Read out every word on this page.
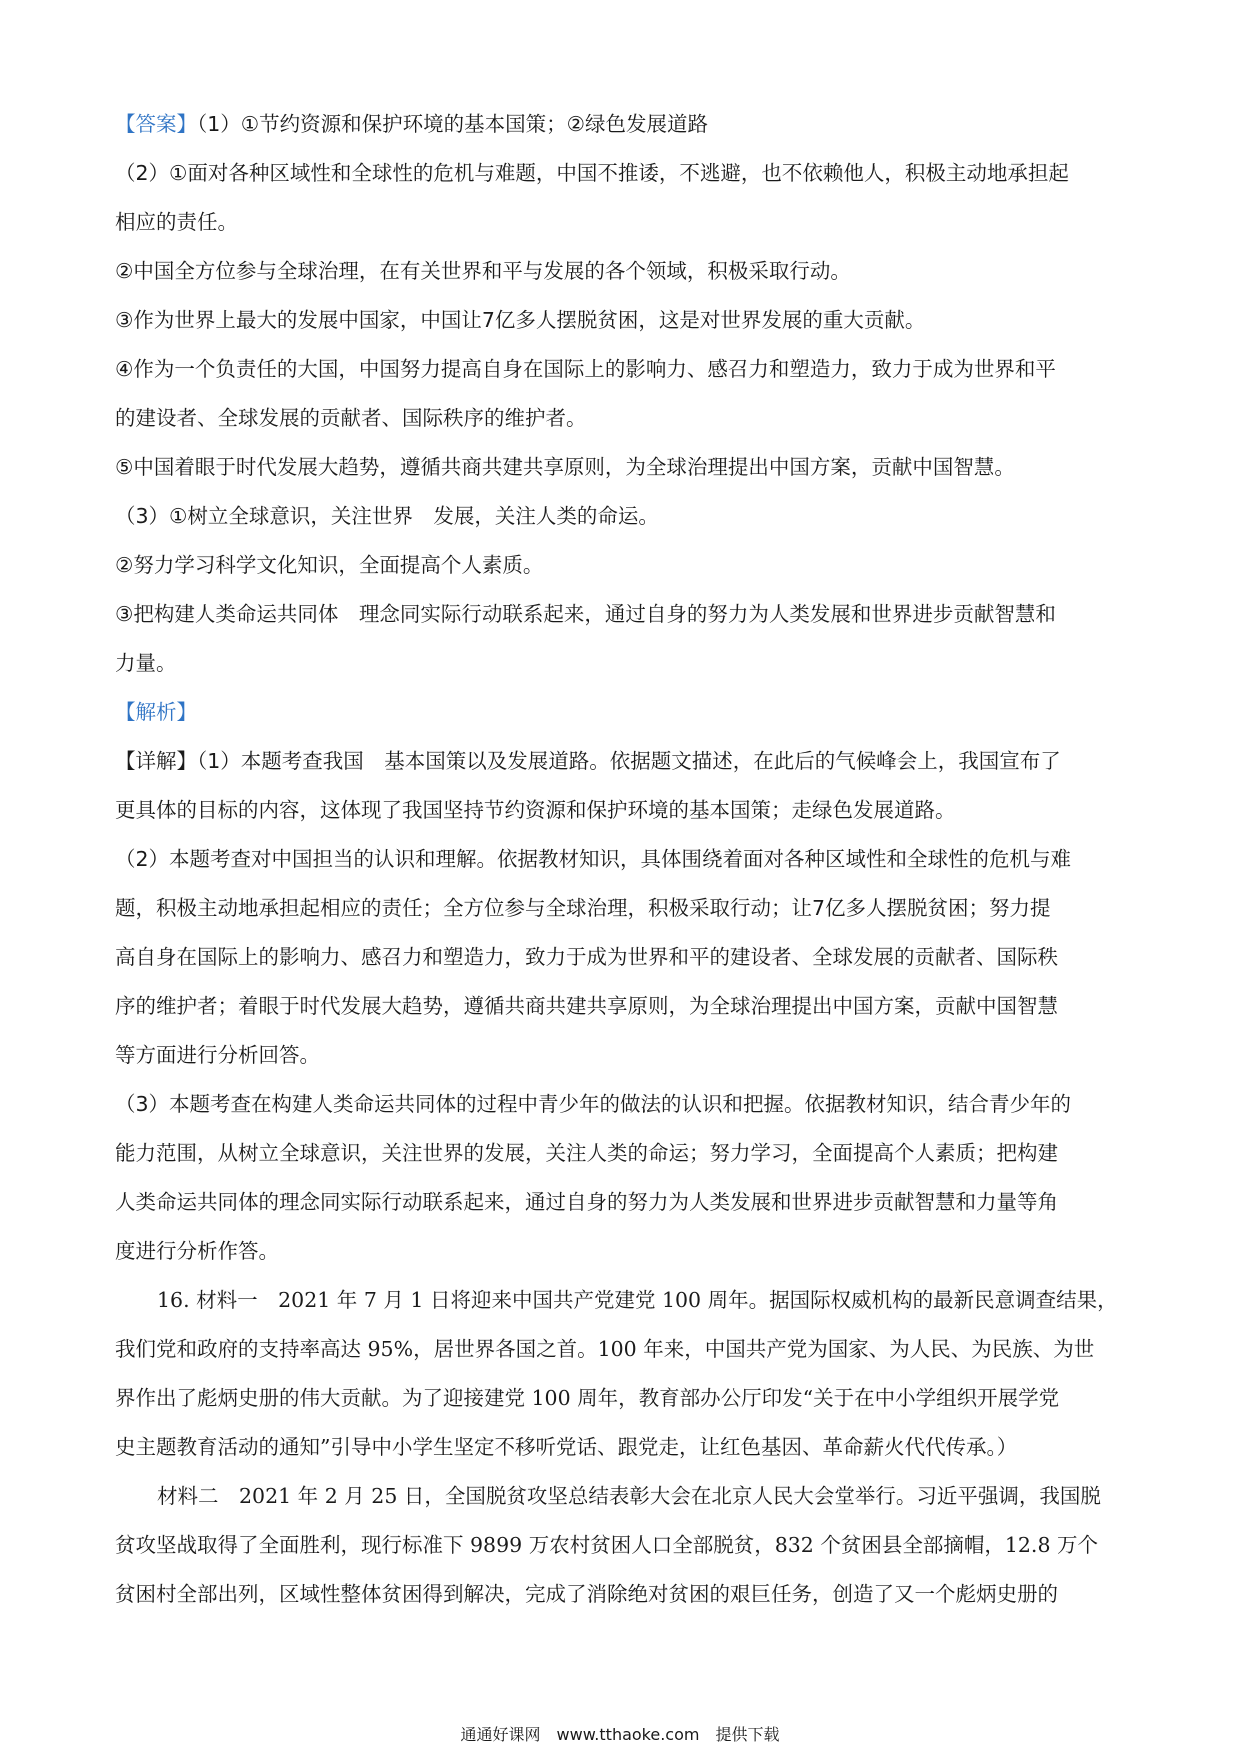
【答案】（1）①节约资源和保护环境的基本国策；②绿色发展道路

（2）①面对各种区域性和全球性的危机与难题，中国不推诿，不逃避，也不依赖他人，积极主动地承担起

相应的责任。

②中国全方位参与全球治理，在有关世界和平与发展的各个领域，积极采取行动。

③作为世界上最大的发展中国家，中国让7亿多人摆脱贫困，这是对世界发展的重大贡献。

④作为一个负责任的大国，中国努力提高自身在国际上的影响力、感召力和塑造力，致力于成为世界和平

的建设者、全球发展的贡献者、国际秩序的维护者。

⑤中国着眼于时代发展大趋势，遵循共商共建共享原则，为全球治理提出中国方案，贡献中国智慧。

（3）①树立全球意识，关注世界　发展，关注人类的命运。

②努力学习科学文化知识，全面提高个人素质。

③把构建人类命运共同体　理念同实际行动联系起来，通过自身的努力为人类发展和世界进步贡献智慧和

力量。

【解析】

【详解】（1）本题考查我国　基本国策以及发展道路。依据题文描述，在此后的气候峰会上，我国宣布了

更具体的目标的内容，这体现了我国坚持节约资源和保护环境的基本国策；走绿色发展道路。

（2）本题考查对中国担当的认识和理解。依据教材知识，具体围绕着面对各种区域性和全球性的危机与难

题，积极主动地承担起相应的责任；全方位参与全球治理，积极采取行动；让7亿多人摆脱贫困；努力提

高自身在国际上的影响力、感召力和塑造力，致力于成为世界和平的建设者、全球发展的贡献者、国际秩

序的维护者；着眼于时代发展大趋势，遵循共商共建共享原则，为全球治理提出中国方案，贡献中国智慧

等方面进行分析回答。

（3）本题考查在构建人类命运共同体的过程中青少年的做法的认识和把握。依据教材知识，结合青少年的

能力范围，从树立全球意识，关注世界的发展，关注人类的命运；努力学习，全面提高个人素质；把构建

人类命运共同体的理念同实际行动联系起来，通过自身的努力为人类发展和世界进步贡献智慧和力量等角

度进行分析作答。

16. 材料一　2021 年 7 月 1 日将迎来中国共产党建党 100 周年。据国际权威机构的最新民意调查结果，

我们党和政府的支持率高达 95%，居世界各国之首。100 年来，中国共产党为国家、为人民、为民族、为世

界作出了彪炳史册的伟大贡献。为了迎接建党 100 周年，教育部办公厅印发“关于在中小学组织开展学党

史主题教育活动的通知”引导中小学生坚定不移听党话、跟党走，让红色基因、革命薪火代代传承。）

材料二　2021 年 2 月 25 日，全国脱贫攻坚总结表彰大会在北京人民大会堂举行。习近平强调，我国脱

贫攻坚战取得了全面胜利，现行标准下 9899 万农村贫困人口全部脱贫，832 个贫困县全部摘帽，12.8 万个

贫困村全部出列，区域性整体贫困得到解决，完成了消除绝对贫困的艰巨任务，创造了又一个彪炳史册的

通通好课网　www.tthaoke.com　提供下载
